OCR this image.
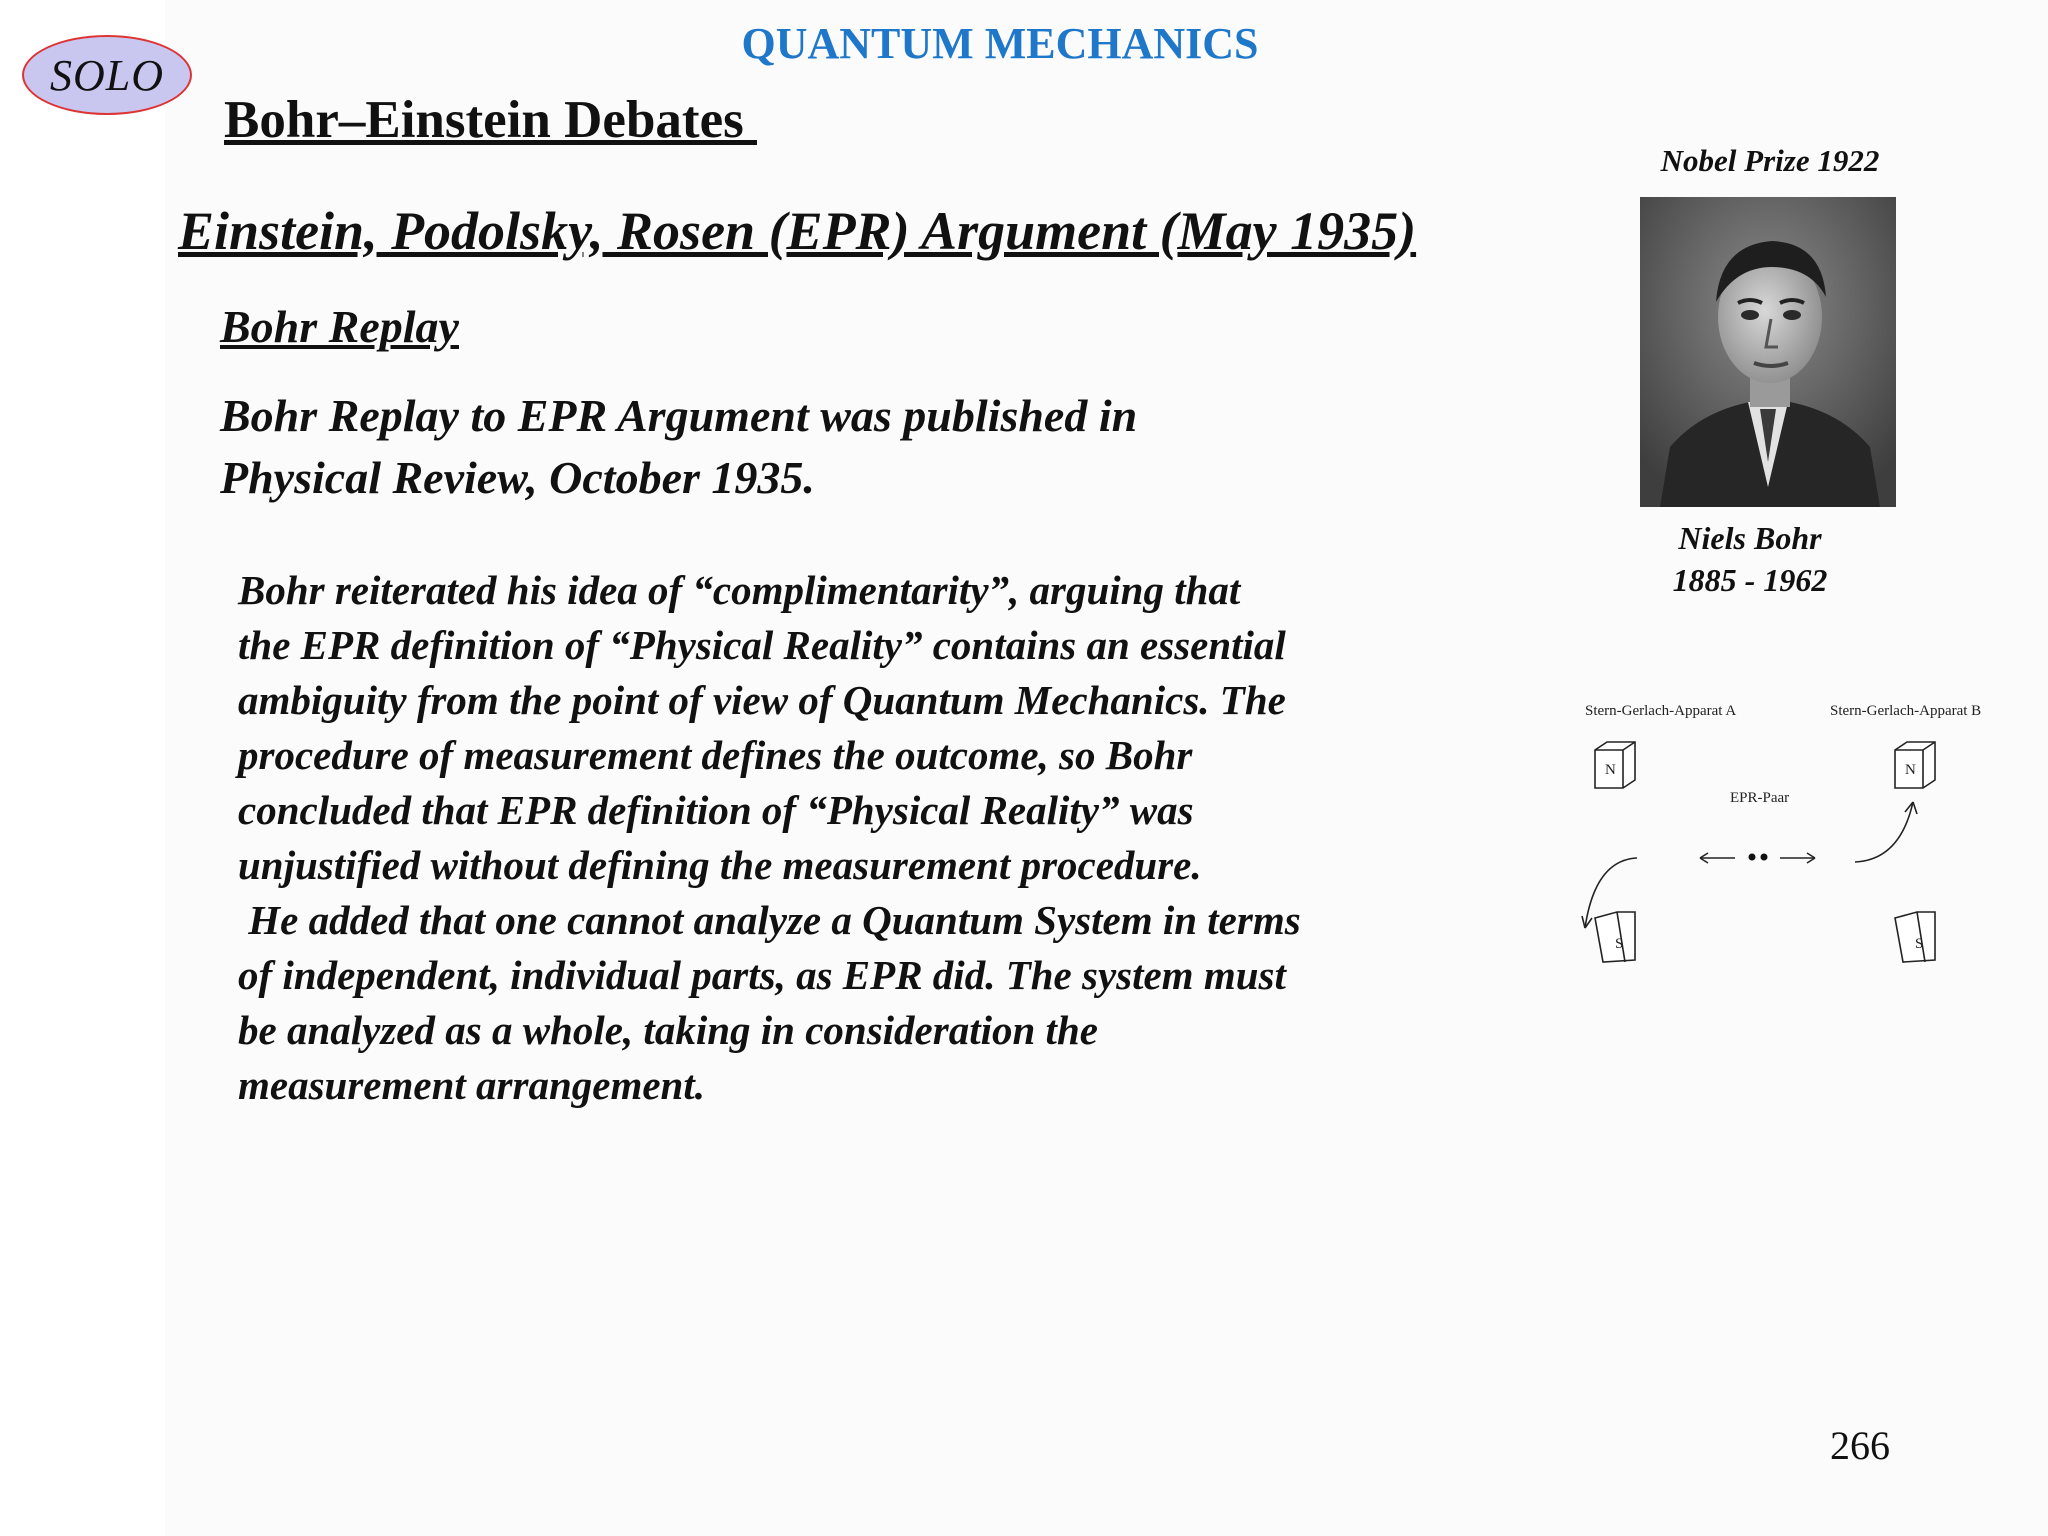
SOLO
QUANTUM MECHANICS
Bohr–Einstein Debates
Einstein, Podolsky, Rosen (EPR) Argument (May 1935)
Bohr Replay
Bohr Replay to EPR Argument was published in
Physical Review, October 1935.
Bohr reiterated his idea of “complimentarity”, arguing that
the EPR definition of “Physical Reality” contains an essential
ambiguity from the point of view of Quantum Mechanics. The
procedure of measurement defines the outcome, so Bohr
concluded that EPR definition of “Physical Reality” was
unjustified without defining the measurement procedure.
He added that one cannot analyze a Quantum System in terms
of independent, individual parts, as EPR did. The system must
be analyzed as a whole, taking in consideration the
measurement arrangement.
Nobel Prize 1922
Niels Bohr
1885 - 1962
Stern-Gerlach-Apparat A	Stern-Gerlach-Apparat B
N	N
EPR-Paar
S	S
266
